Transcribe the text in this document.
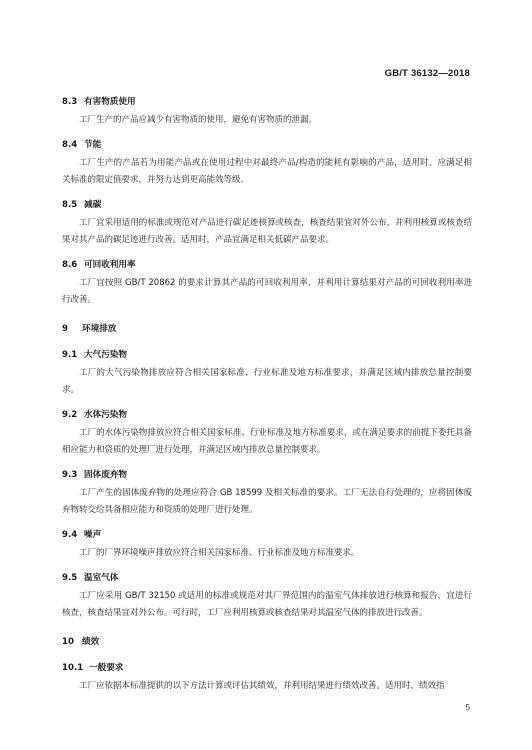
GB/T 36132—2018

8.3 有害物质使用

工厂生产的产品应减少有害物质的使用，避免有害物质的泄漏。

8.4 节能

工厂生产的产品若为用能产品或在使用过程中对最终产品/构造的能耗有影响的产品，适用时，应满足相关标准的限定值要求，并努力达到更高能效等级。

8.5 减碳

工厂宜采用适用的标准或规范对产品进行碳足迹核算或核查，核查结果宜对外公布，并利用核算或核查结果对其产品的碳足迹进行改善。适用时，产品宜满足相关低碳产品要求。

8.6 可回收利用率

工厂宜按照 GB/T 20862 的要求计算其产品的可回收利用率，并利用计算结果对产品的可回收利用率进行改善。

9 环境排放

9.1 大气污染物

工厂的大气污染物排放应符合相关国家标准、行业标准及地方标准要求，并满足区域内排放总量控制要求。

9.2 水体污染物

工厂的水体污染物排放应符合相关国家标准、行业标准及地方标准要求，或在满足要求的前提下委托具备相应能力和资质的处理厂进行处理，并满足区域内排放总量控制要求。

9.3 固体废弃物

工厂产生的固体废弃物的处理应符合 GB 18599 及相关标准的要求。工厂无法自行处理的，应将固体废弃物转交给具备相应能力和资质的处理厂进行处理。

9.4 噪声

工厂的厂界环境噪声排放应符合相关国家标准、行业标准及地方标准要求。

9.5 温室气体

工厂应采用 GB/T 32150 或适用的标准或规范对其厂界范围内的温室气体排放进行核算和报告，宜进行核查，核查结果宜对外公布。可行时，工厂应利用核算或核查结果对其温室气体的排放进行改善。

10 绩效

10.1 一般要求

工厂应依据本标准提供的以下方法计算或评估其绩效，并利用结果进行绩效改善。适用时，绩效指

5
